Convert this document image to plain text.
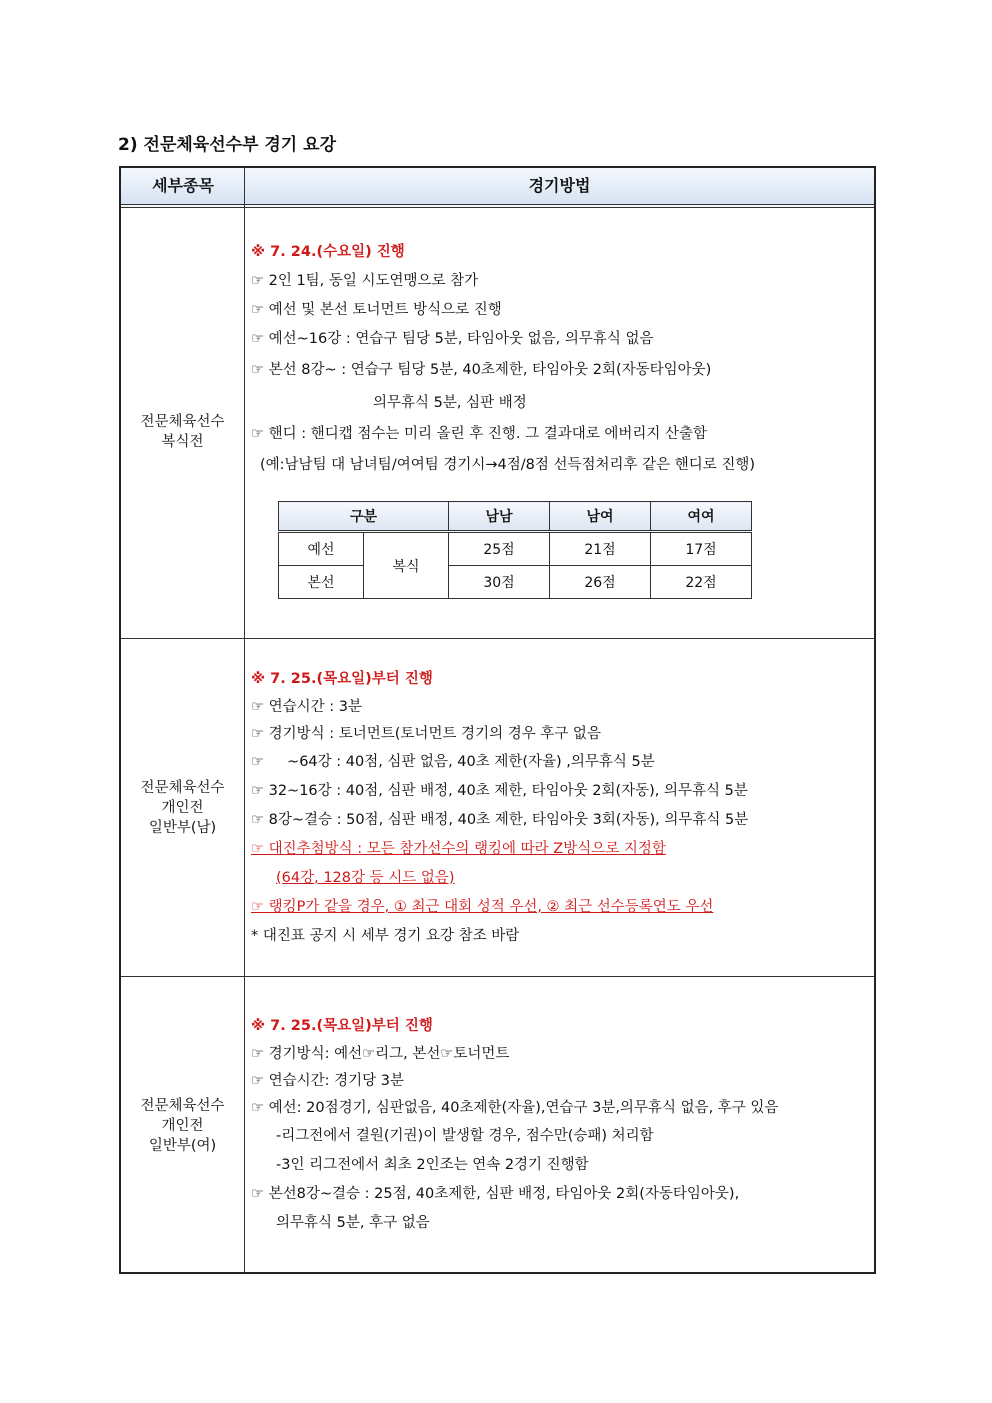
2) 전문체육선수부 경기 요강
세부종목	경기방법
전문체육선수
복식전
※ 7. 24.(수요일) 진행
☞ 2인 1팀, 동일 시도연맹으로 참가
☞ 예선 및 본선 토너먼트 방식으로 진행
☞ 예선~16강 : 연습구 팀당 5분, 타임아웃 없음, 의무휴식 없음
☞ 본선 8강~ : 연습구 팀당 5분, 40초제한, 타임아웃 2회(자동타임아웃)
의무휴식 5분, 심판 배정
☞ 핸디 : 핸디캡 점수는 미리 올린 후 진행. 그 결과대로 에버리지 산출함
(예:남남팀 대 남녀팀/여여팀 경기시→4점/8점 선득점처리후 같은 핸디로 진행)
구분		남남	남여	여여
예선	복식	25점	21점	17점
본선		30점	26점	22점
전문체육선수
개인전
일반부(남)
※ 7. 25.(목요일)부터 진행
☞ 연습시간 : 3분
☞ 경기방식 : 토너먼트(토너먼트 경기의 경우 후구 없음
☞     ~64강 : 40점, 심판 없음, 40초 제한(자율) ,의무휴식 5분
☞ 32~16강 : 40점, 심판 배정, 40초 제한, 타임아웃 2회(자동), 의무휴식 5분
☞ 8강~결승 : 50점, 심판 배정, 40초 제한, 타임아웃 3회(자동), 의무휴식 5분
☞ 대진추첨방식 : 모든 참가선수의 랭킹에 따라 Z방식으로 지정함
(64강, 128강 등 시드 없음)
☞ 랭킹P가 같을 경우, ① 최근 대회 성적 우선, ② 최근 선수등록연도 우선
* 대진표 공지 시 세부 경기 요강 참조 바람
전문체육선수
개인전
일반부(여)
※ 7. 25.(목요일)부터 진행
☞ 경기방식: 예선☞리그, 본선☞토너먼트
☞ 연습시간: 경기당 3분
☞ 예선: 20점경기, 심판없음, 40초제한(자율),연습구 3분,의무휴식 없음, 후구 있음
-리그전에서 결원(기권)이 발생할 경우, 점수만(승패) 처리함
-3인 리그전에서 최초 2인조는 연속 2경기 진행함
☞ 본선8강~결승 : 25점, 40초제한, 심판 배정, 타임아웃 2회(자동타임아웃),
의무휴식 5분, 후구 없음
